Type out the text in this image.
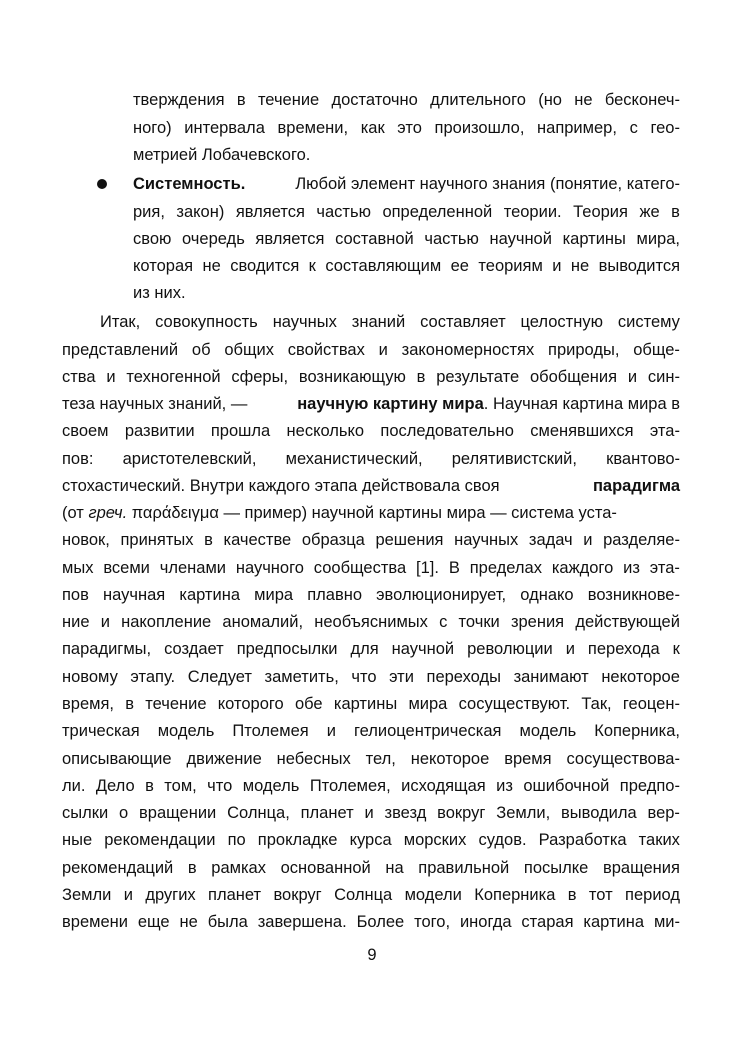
тверждения в течение достаточно длительного (но не бесконеч-
ного) интервала времени, как это произошло, например, с гео-
метрией Лобачевского.
Системность.	Любой элемент научного знания (понятие, катего-
рия, закон) является частью определенной теории. Теория же в
свою очередь является составной частью научной картины мира,
которая не сводится к составляющим ее теориям и не выводится
из них.
Итак, совокупность научных знаний составляет целостную систему
представлений об общих свойствах и закономерностях природы, обще-
ства и техногенной сферы, возникающую в результате обобщения и син-
теза научных знаний, —	научную картину мира. Научная картина мира в
своем развитии прошла несколько последовательно сменявшихся эта-
пов: аристотелевский, механистический, релятивистский, квантово-
стохастический. Внутри каждого этапа действовала своя	парадигма
(от греч. παράδειγμα — пример) научной картины мира — система уста-
новок, принятых в качестве образца решения научных задач и разделяе-
мых всеми членами научного сообщества [1]. В пределах каждого из эта-
пов научная картина мира плавно эволюционирует, однако возникнове-
ние и накопление аномалий, необъяснимых с точки зрения действующей
парадигмы, создает предпосылки для научной революции и перехода к
новому этапу. Следует заметить, что эти переходы занимают некоторое
время, в течение которого обе картины мира сосуществуют. Так, геоцен-
трическая модель Птолемея и гелиоцентрическая модель Коперника,
описывающие движение небесных тел, некоторое время сосуществова-
ли. Дело в том, что модель Птолемея, исходящая из ошибочной предпо-
сылки о вращении Солнца, планет и звезд вокруг Земли, выводила вер-
ные рекомендации по прокладке курса морских судов. Разработка таких
рекомендаций в рамках основанной на правильной посылке вращения
Земли и других планет вокруг Солнца модели Коперника в тот период
времени еще не была завершена. Более того, иногда старая картина ми-
9
